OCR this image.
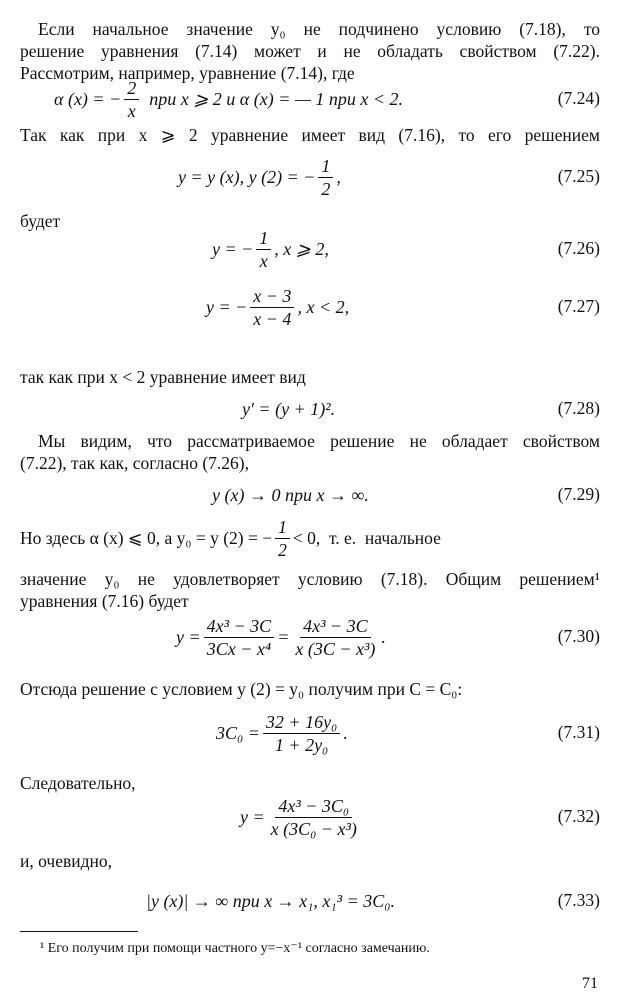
Если начальное значение y₀ не подчинено условию (7.18), то
решение уравнения (7.14) может и не обладать свойством (7.22).
Рассмотрим, например, уравнение (7.14), где
α (x) = − $\frac{2}{x}$ при x ⩾ 2 и α (x) = — 1 при x < 2.	(7.24)
Так как при x ⩾ 2 уравнение имеет вид (7.16), то его решением
y = y (x), y (2) = − $\frac{1}{2}$ ,	(7.25)
будет
y = − $\frac{1}{x}$ , x ⩾ 2,	(7.26)
y = − $\frac{x - 3}{x - 4}$ , x < 2,	(7.27)
так как при x < 2 уравнение имеет вид
y′ = (y + 1)².	(7.28)
Мы видим, что рассматриваемое решение не обладает свойством
(7.22), так как, согласно (7.26),
y (x) → 0 при x → ∞.	(7.29)
Но здесь α (x) ⩽ 0, а y₀ = y (2) = − $\frac{1}{2} < 0$,  т. е.  начальное
значение y₀ не удовлетворяет условию (7.18). Общим решением¹
уравнения (7.16) будет
$y = \frac{\text{4x³ − 3C}}{\text{3Cx − x⁴}} = \frac{\text{4x³ − 3C}}{\text{x (3C − x³)}}$ .	(7.30)
Отсюда решение с условием y (2) = y₀ получим при C = C₀:
$3C_0 = \frac{\text{32 + 16y₀}}{\text{1 + 2y₀}}$ .	(7.31)
Следовательно,
$y = \frac{\text{4x³ − 3C₀}}{\text{x (3C₀ − x³)}}$	(7.32)
и, очевидно,
|y (x)| → ∞ при x → x₁, x₁³ = 3C₀.	(7.33)
¹ Его получим при помощи частного y=−x⁻¹ согласно замечанию.
71
